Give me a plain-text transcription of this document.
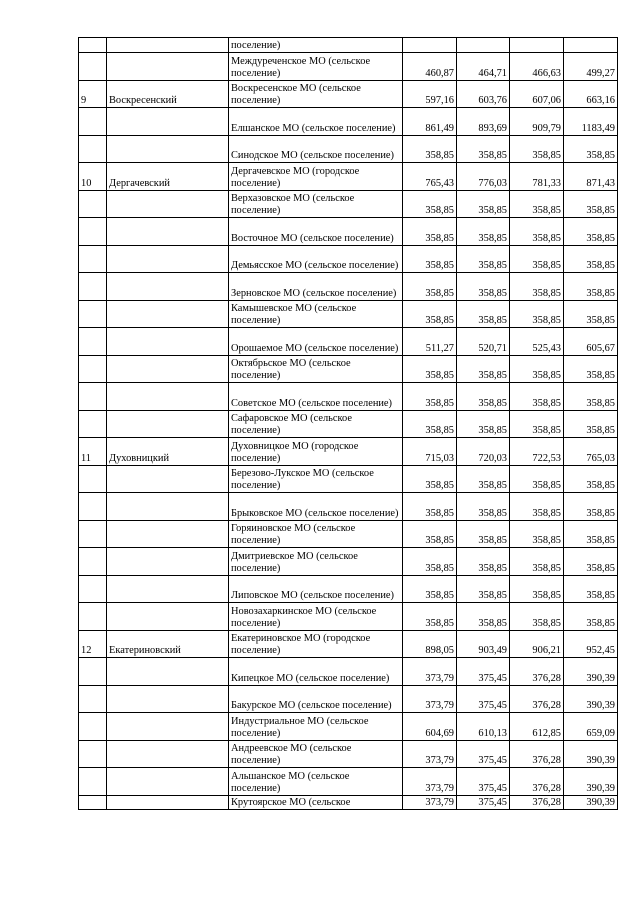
		поселение)				
		Междуреченское МО (сельское поселение)	460,87	464,71	466,63	499,27
9	Воскресенский	Воскресенское МО (сельское поселение)	597,16	603,76	607,06	663,16
		Елшанское МО (сельское поселение)	861,49	893,69	909,79	1183,49
		Синодское МО (сельское поселение)	358,85	358,85	358,85	358,85
10	Дергачевский	Дергачевское МО (городское поселение)	765,43	776,03	781,33	871,43
		Верхазовское МО (сельское поселение)	358,85	358,85	358,85	358,85
		Восточное МО (сельское поселение)	358,85	358,85	358,85	358,85
		Демьясское МО (сельское поселение)	358,85	358,85	358,85	358,85
		Зерновское МО (сельское поселение)	358,85	358,85	358,85	358,85
		Камышевское МО (сельское поселение)	358,85	358,85	358,85	358,85
		Орошаемое МО (сельское поселение)	511,27	520,71	525,43	605,67
		Октябрьское МО (сельское поселение)	358,85	358,85	358,85	358,85
		Советское МО (сельское поселение)	358,85	358,85	358,85	358,85
		Сафаровское МО (сельское поселение)	358,85	358,85	358,85	358,85
11	Духовницкий	Духовницкое МО (городское поселение)	715,03	720,03	722,53	765,03
		Березово-Лукское МО (сельское поселение)	358,85	358,85	358,85	358,85
		Брыковское МО (сельское поселение)	358,85	358,85	358,85	358,85
		Горяиновское МО (сельское поселение)	358,85	358,85	358,85	358,85
		Дмитриевское МО (сельское поселение)	358,85	358,85	358,85	358,85
		Липовское МО (сельское поселение)	358,85	358,85	358,85	358,85
		Новозахаркинское МО (сельское поселение)	358,85	358,85	358,85	358,85
12	Екатериновский	Екатериновское МО (городское поселение)	898,05	903,49	906,21	952,45
		Кипецкое МО (сельское поселение)	373,79	375,45	376,28	390,39
		Бакурское МО (сельское поселение)	373,79	375,45	376,28	390,39
		Индустриальное МО (сельское поселение)	604,69	610,13	612,85	659,09
		Андреевское МО (сельское поселение)	373,79	375,45	376,28	390,39
		Альшанское МО (сельское поселение)	373,79	375,45	376,28	390,39
		Крутоярское МО (сельское	373,79	375,45	376,28	390,39
